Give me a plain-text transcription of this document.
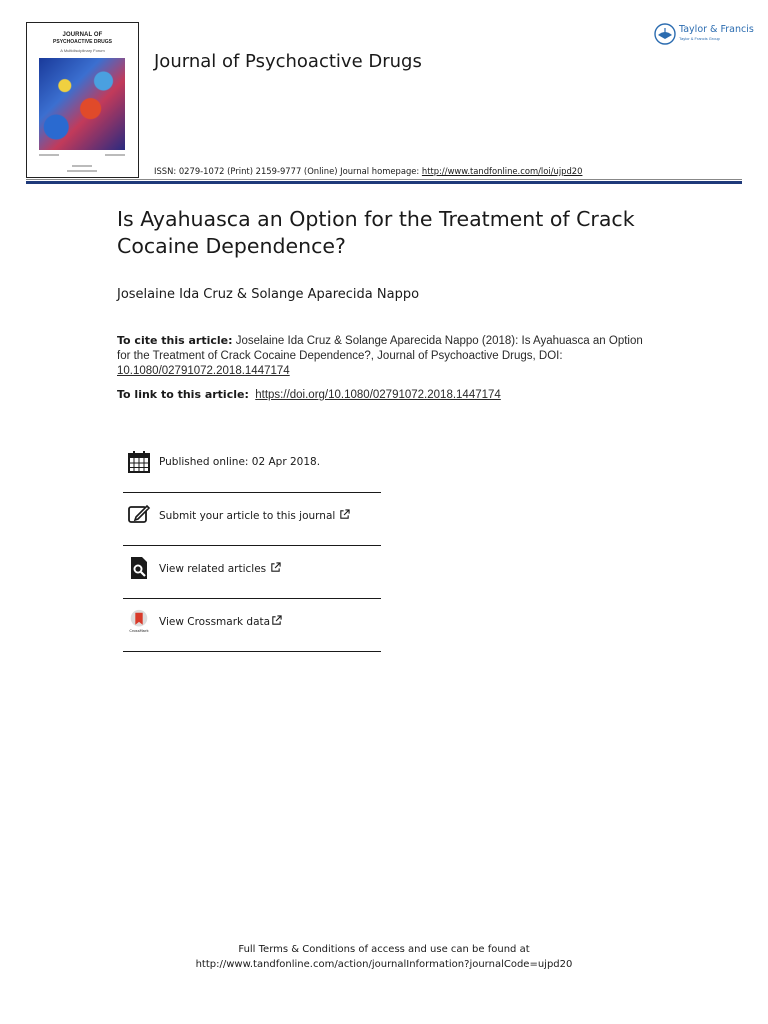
JOURNAL OF
PSYCHOACTIVE DRUGS
A Multidisciplinary Forum
Journal of Psychoactive Drugs
Taylor & Francis
Taylor & Francis Group
ISSN: 0279-1072 (Print) 2159-9777 (Online) Journal homepage: http://www.tandfonline.com/loi/ujpd20
Is Ayahuasca an Option for the Treatment of Crack Cocaine Dependence?
Joselaine Ida Cruz & Solange Aparecida Nappo
To cite this article: Joselaine Ida Cruz & Solange Aparecida Nappo (2018): Is Ayahuasca an Option for the Treatment of Crack Cocaine Dependence?, Journal of Psychoactive Drugs, DOI: 10.1080/02791072.2018.1447174
To link to this article: https://doi.org/10.1080/02791072.2018.1447174
Published online: 02 Apr 2018.
Submit your article to this journal
View related articles
CrossMark
View Crossmark data
Full Terms & Conditions of access and use can be found at
http://www.tandfonline.com/action/journalInformation?journalCode=ujpd20
